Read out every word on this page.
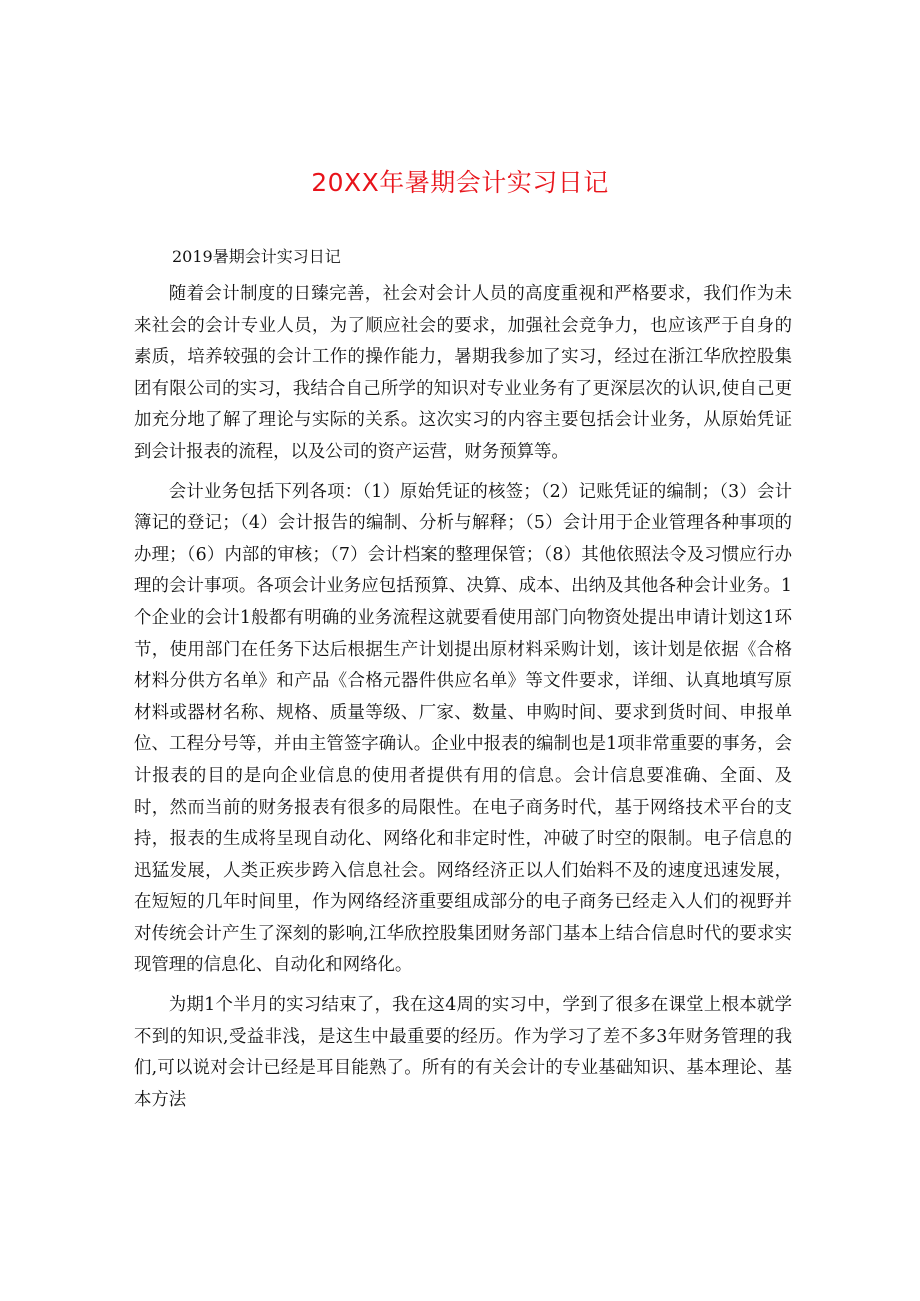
20XX年暑期会计实习日记

2019暑期会计实习日记

随着会计制度的日臻完善，社会对会计人员的高度重视和严格要求，我们作为未来社会的会计专业人员，为了顺应社会的要求，加强社会竞争力，也应该严于自身的素质，培养较强的会计工作的操作能力，暑期我参加了实习，经过在浙江华欣控股集团有限公司的实习，我结合自己所学的知识对专业业务有了更深层次的认识,使自己更加充分地了解了理论与实际的关系。这次实习的内容主要包括会计业务，从原始凭证到会计报表的流程，以及公司的资产运营，财务预算等。

会计业务包括下列各项：（1）原始凭证的核签；（2）记账凭证的编制；（3）会计簿记的登记；（4）会计报告的编制、分析与解释；（5）会计用于企业管理各种事项的办理；（6）内部的审核；（7）会计档案的整理保管；（8）其他依照法令及习惯应行办理的会计事项。各项会计业务应包括预算、决算、成本、出纳及其他各种会计业务。1个企业的会计1般都有明确的业务流程这就要看使用部门向物资处提出申请计划这1环节，使用部门在任务下达后根据生产计划提出原材料采购计划，该计划是依据《合格材料分供方名单》和产品《合格元器件供应名单》等文件要求，详细、认真地填写原材料或器材名称、规格、质量等级、厂家、数量、申购时间、要求到货时间、申报单位、工程分号等，并由主管签字确认。企业中报表的编制也是1项非常重要的事务，会计报表的目的是向企业信息的使用者提供有用的信息。会计信息要准确、全面、及时，然而当前的财务报表有很多的局限性。在电子商务时代，基于网络技术平台的支持，报表的生成将呈现自动化、网络化和非定时性，冲破了时空的限制。电子信息的迅猛发展，人类正疾步跨入信息社会。网络经济正以人们始料不及的速度迅速发展，在短短的几年时间里，作为网络经济重要组成部分的电子商务已经走入人们的视野并对传统会计产生了深刻的影响,江华欣控股集团财务部门基本上结合信息时代的要求实现管理的信息化、自动化和网络化。

为期1个半月的实习结束了，我在这4周的实习中，学到了很多在课堂上根本就学不到的知识,受益非浅，是这生中最重要的经历。作为学习了差不多3年财务管理的我们,可以说对会计已经是耳目能熟了。所有的有关会计的专业基础知识、基本理论、基本方法
